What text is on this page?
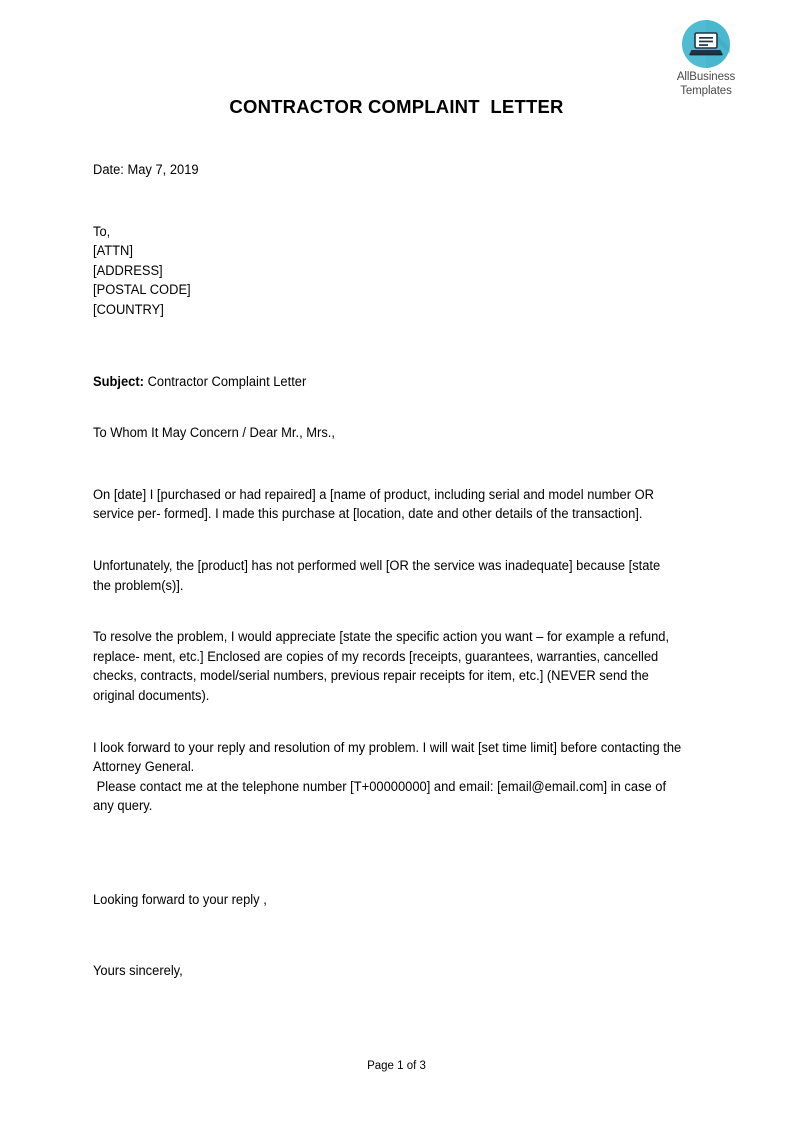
AllBusiness
Templates
CONTRACTOR COMPLAINT  LETTER
Date: May 7, 2019
To,
[ATTN]
[ADDRESS]
[POSTAL CODE]
[COUNTRY]
Subject: Contractor Complaint Letter
To Whom It May Concern / Dear Mr., Mrs.,
On [date] I [purchased or had repaired] a [name of product, including serial and model number OR service per- formed]. I made this purchase at [location, date and other details of the transaction].
Unfortunately, the [product] has not performed well [OR the service was inadequate] because [state the problem(s)].
To resolve the problem, I would appreciate [state the specific action you want – for example a refund, replace- ment, etc.] Enclosed are copies of my records [receipts, guarantees, warranties, cancelled checks, contracts, model/serial numbers, previous repair receipts for item, etc.] (NEVER send the original documents).
I look forward to your reply and resolution of my problem. I will wait [set time limit] before contacting the Attorney General.
Please contact me at the telephone number [T+00000000] and email: [email@email.com] in case of any query.
Looking forward to your reply ,
Yours sincerely,
Page 1 of 3
